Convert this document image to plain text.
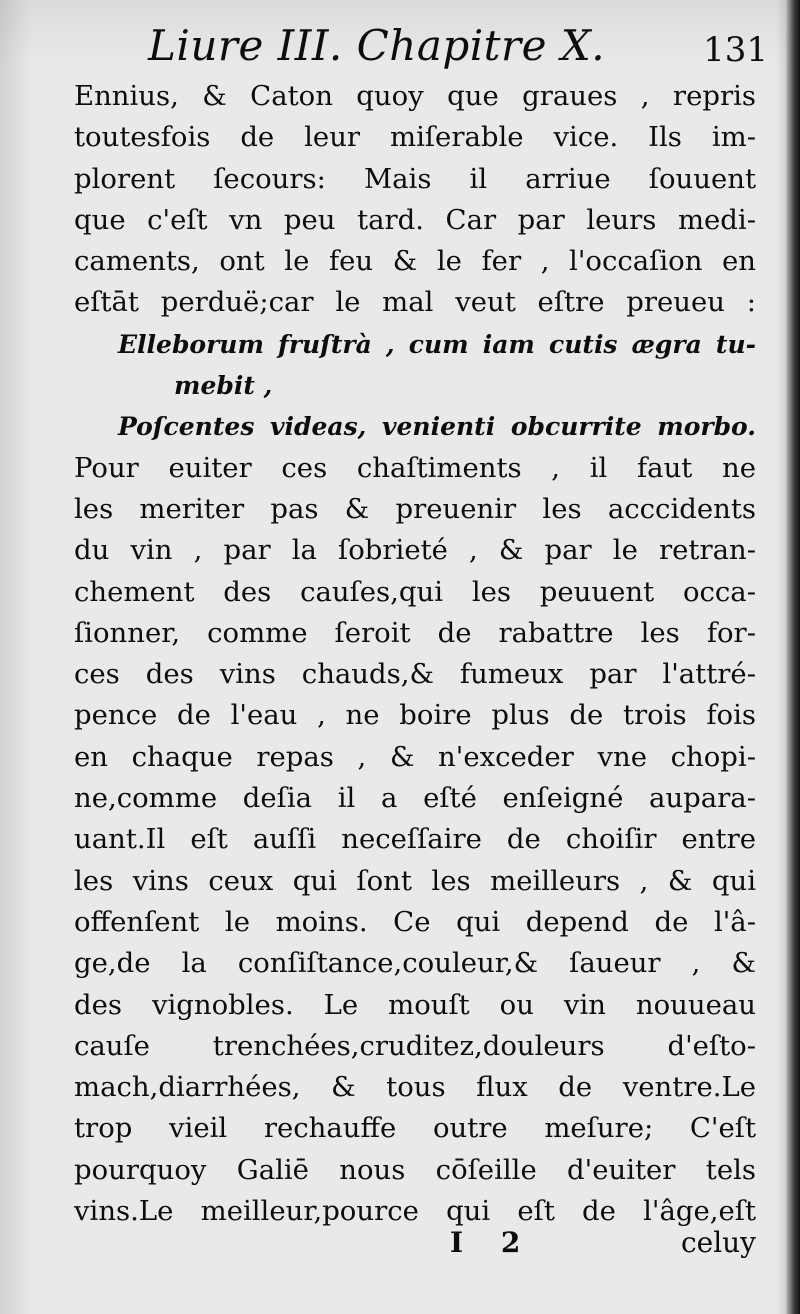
Liure III. Chapitre X.	131
Ennius, & Caton quoy que graues , repris
toutesfois de leur miſerable vice. Ils im-
plorent ſecours: Mais il arriue ſouuent
que c'eſt vn peu tard. Car par leurs medi-
caments, ont le feu & le fer , l'occaſion en
eſtāt perduë;car le mal veut eſtre preueu :
Elleborum fruſtrà , cum iam cutis ægra tu-
mebit ,
Poſcentes videas, venienti obcurrite morbo.
Pour euiter ces chaſtiments , il faut ne
les meriter pas & preuenir les acccidents
du vin , par la ſobrieté , & par le retran-
chement des cauſes,qui les peuuent occa-
ſionner, comme ſeroit de rabattre les for-
ces des vins chauds,& fumeux par l'attré-
pence de l'eau , ne boire plus de trois fois
en chaque repas , & n'exceder vne chopi-
ne,comme deſia il a eſté enſeigné aupara-
uant.Il eſt auſſi neceſſaire de choiſir entre
les vins ceux qui ſont les meilleurs , & qui
offenſent le moins. Ce qui depend de l'â-
ge,de la conſiſtance,couleur,& ſaueur , &
des vignobles. Le mouſt ou vin nouueau
cauſe trenchées,cruditez,douleurs d'eſto-
mach,diarrhées, & tous flux de ventre.Le
trop vieil rechauffe outre meſure; C'eſt
pourquoy Galiē nous cōſeille d'euiter tels
vins.Le meilleur,pource qui eſt de l'âge,eſt
I 2	celuy
